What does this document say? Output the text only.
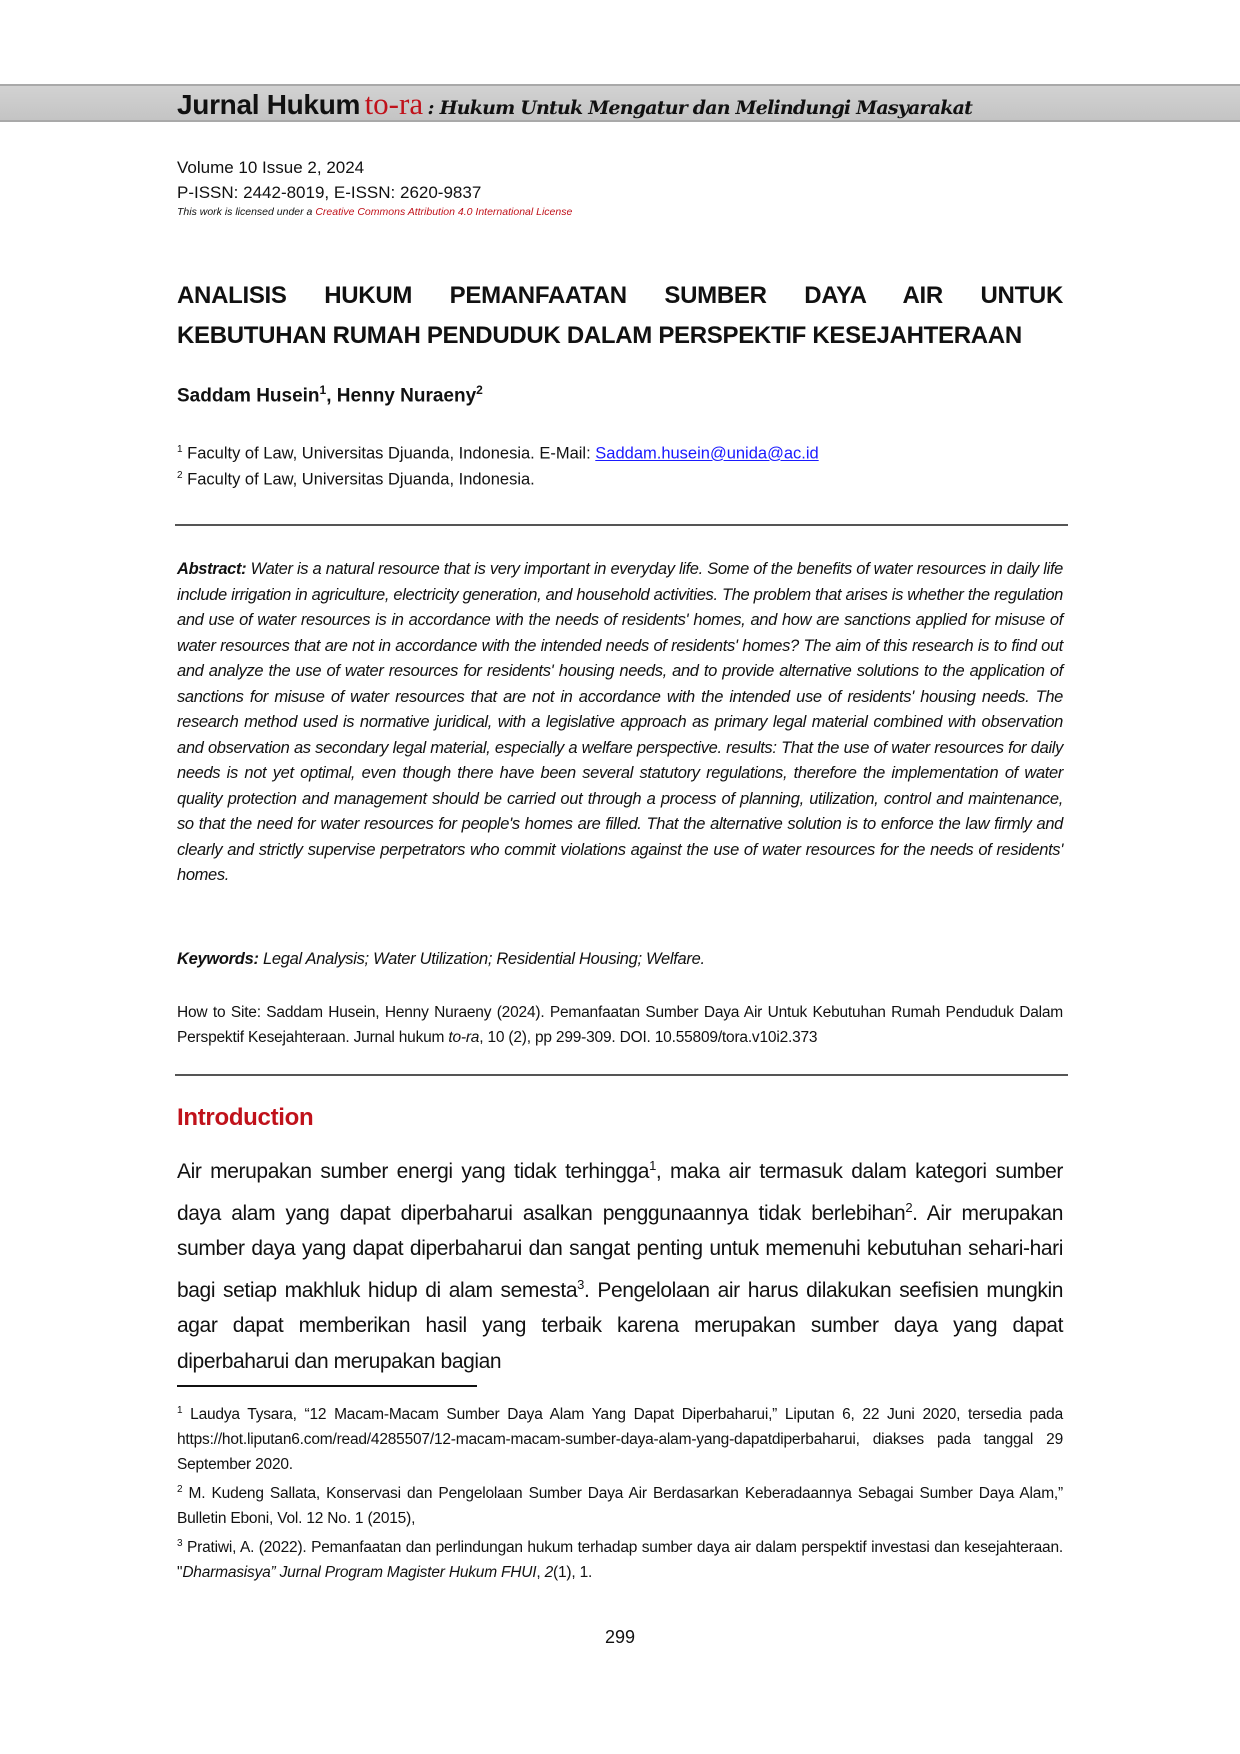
Jurnal Hukum to-ra : Hukum Untuk Mengatur dan Melindungi Masyarakat
Volume 10 Issue 2, 2024
P-ISSN: 2442-8019, E-ISSN: 2620-9837
This work is licensed under a Creative Commons Attribution 4.0 International License
ANALISIS HUKUM PEMANFAATAN SUMBER DAYA AIR UNTUK
KEBUTUHAN RUMAH PENDUDUK DALAM PERSPEKTIF KESEJAHTERAAN
Saddam Husein$^1$, Henny Nuraeny$^2$
$^1$ Faculty of Law, Universitas Djuanda, Indonesia. E-Mail: Saddam.husein@unida@ac.id
$^2$ Faculty of Law, Universitas Djuanda, Indonesia.
Abstract: Water is a natural resource that is very important in everyday life. Some of the benefits of water resources in daily life include irrigation in agriculture, electricity generation, and household activities. The problem that arises is whether the regulation and use of water resources is in accordance with the needs of residents' homes, and how are sanctions applied for misuse of water resources that are not in accordance with the intended needs of residents' homes? The aim of this research is to find out and analyze the use of water resources for residents' housing needs, and to provide alternative solutions to the application of sanctions for misuse of water resources that are not in accordance with the intended use of residents' housing needs. The research method used is normative juridical, with a legislative approach as primary legal material combined with observation and observation as secondary legal material, especially a welfare perspective. results: That the use of water resources for daily needs is not yet optimal, even though there have been several statutory regulations, therefore the implementation of water quality protection and management should be carried out through a process of planning, utilization, control and maintenance, so that the need for water resources for people's homes are filled. That the alternative solution is to enforce the law firmly and clearly and strictly supervise perpetrators who commit violations against the use of water resources for the needs of residents' homes.
Keywords: Legal Analysis; Water Utilization; Residential Housing; Welfare.
How to Site: Saddam Husein, Henny Nuraeny (2024). Pemanfaatan Sumber Daya Air Untuk Kebutuhan Rumah Penduduk Dalam Perspektif Kesejahteraan. Jurnal hukum to-ra, 10 (2), pp 299-309. DOI. 10.55809/tora.v10i2.373
Introduction
Air merupakan sumber energi yang tidak terhingga$^1$, maka air termasuk dalam kategori sumber daya alam yang dapat diperbaharui asalkan penggunaannya tidak berlebihan$^2$. Air merupakan sumber daya yang dapat diperbaharui dan sangat penting untuk memenuhi kebutuhan sehari-hari bagi setiap makhluk hidup di alam semesta$^3$. Pengelolaan air harus dilakukan seefisien mungkin agar dapat memberikan hasil yang terbaik karena merupakan sumber daya yang dapat diperbaharui dan merupakan bagian
$^1$ Laudya Tysara, “12 Macam-Macam Sumber Daya Alam Yang Dapat Diperbaharui,” Liputan 6, 22 Juni 2020, tersedia pada https://hot.liputan6.com/read/4285507/12-macam-macam-sumber-daya-alam-yang-dapatdiperbaharui, diakses pada tanggal 29 September 2020.
$^2$ M. Kudeng Sallata, Konservasi dan Pengelolaan Sumber Daya Air Berdasarkan Keberadaannya Sebagai Sumber Daya Alam,” Bulletin Eboni, Vol. 12 No. 1 (2015),
$^3$ Pratiwi, A. (2022). Pemanfaatan dan perlindungan hukum terhadap sumber daya air dalam perspektif investasi dan kesejahteraan. "Dharmasisya” Jurnal Program Magister Hukum FHUI, 2(1), 1.
299
